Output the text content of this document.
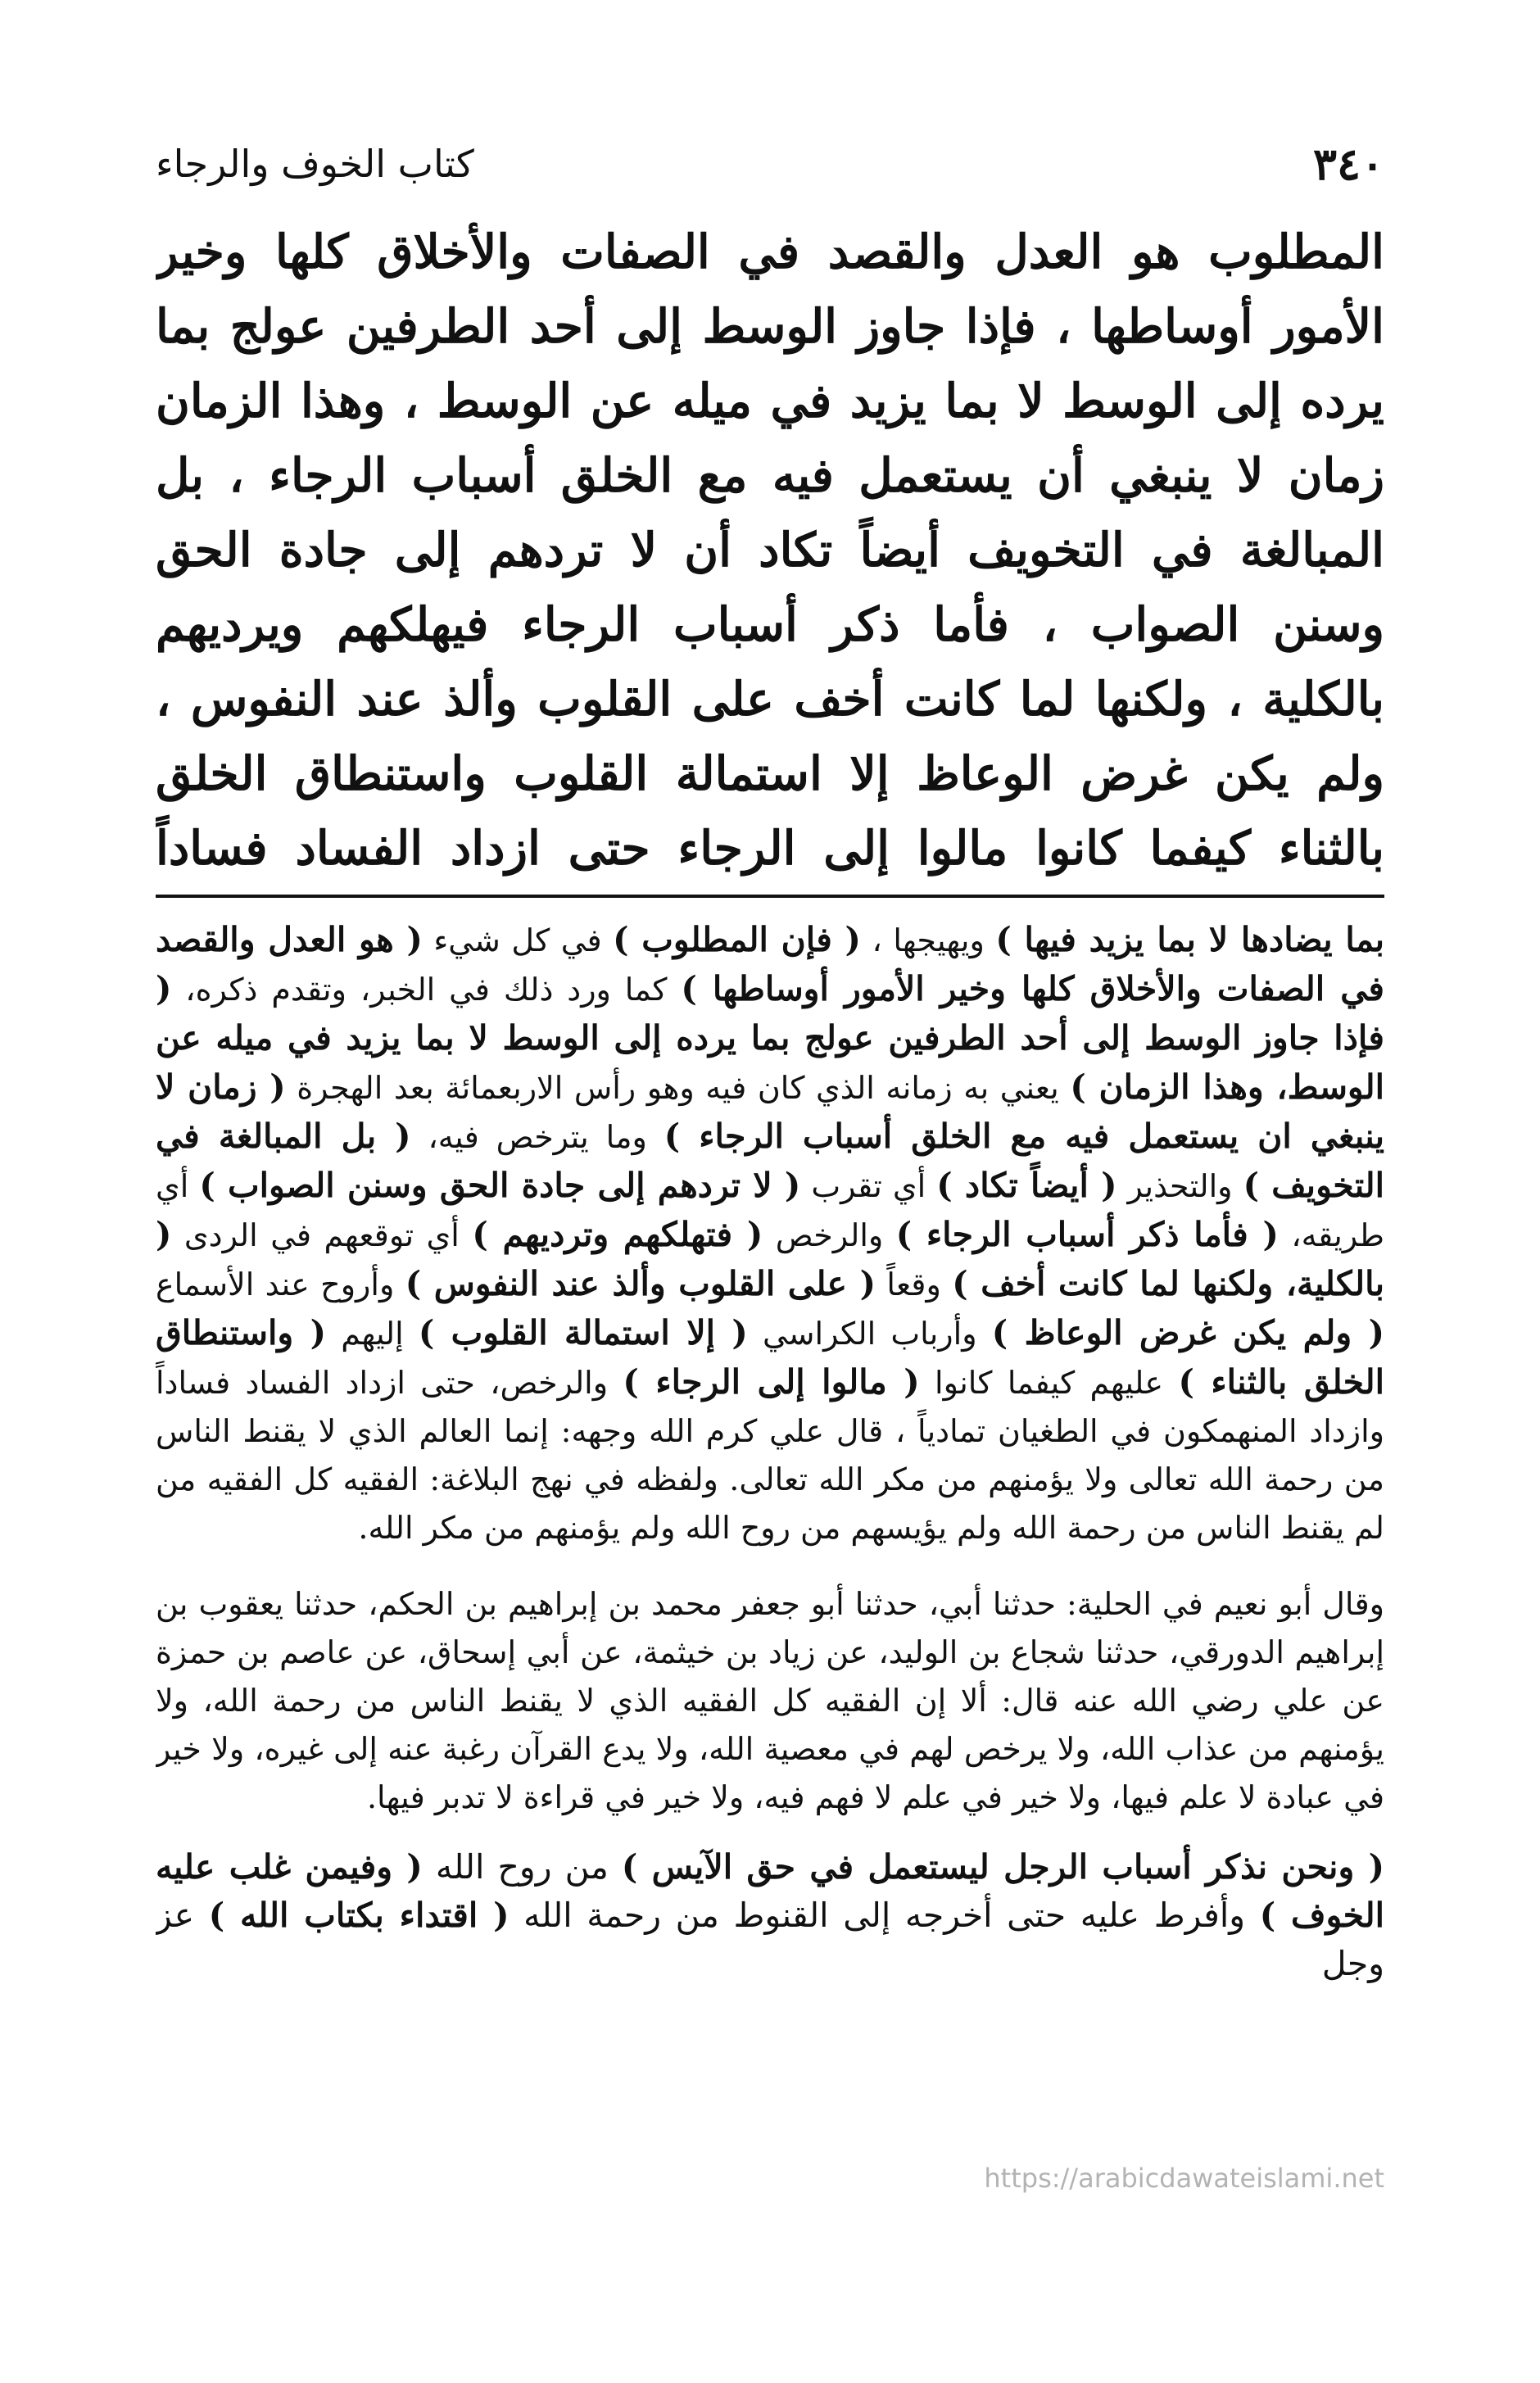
٣٤٠
كتاب الخوف والرجاء

المطلوب هو العدل والقصد في الصفات والأخلاق كلها وخير الأمور أوساطها ، فإذا جاوز الوسط إلى أحد الطرفين عولج بما يرده إلى الوسط لا بما يزيد في ميله عن الوسط ، وهذا الزمان زمان لا ينبغي أن يستعمل فيه مع الخلق أسباب الرجاء ، بل المبالغة في التخويف أيضاً تكاد أن لا تردهم إلى جادة الحق وسنن الصواب ، فأما ذكر أسباب الرجاء فيهلكهم ويرديهم بالكلية ، ولكنها لما كانت أخف على القلوب وألذ عند النفوس ، ولم يكن غرض الوعاظ إلا استمالة القلوب واستنطاق الخلق بالثناء كيفما كانوا مالوا إلى الرجاء حتى ازداد الفساد فساداً

بما يضادها لا بما يزيد فيها ) ويهيجها ، ( فإن المطلوب ) في كل شيء ( هو العدل والقصد في الصفات والأخلاق كلها وخير الأمور أوساطها ) كما ورد ذلك في الخبر، وتقدم ذكره، ( فإذا جاوز الوسط إلى أحد الطرفين عولج بما يرده إلى الوسط لا بما يزيد في ميله عن الوسط، وهذا الزمان ) يعني به زمانه الذي كان فيه وهو رأس الاربعمائة بعد الهجرة ( زمان لا ينبغي ان يستعمل فيه مع الخلق أسباب الرجاء ) وما يترخص فيه، ( بل المبالغة في التخويف ) والتحذير ( أيضاً تكاد ) أي تقرب ( لا تردهم إلى جادة الحق وسنن الصواب ) أي طريقه، ( فأما ذكر أسباب الرجاء ) والرخص ( فتهلكهم وترديهم ) أي توقعهم في الردى ( بالكلية، ولكنها لما كانت أخف ) وقعاً ( على القلوب وألذ عند النفوس ) وأروح عند الأسماع ( ولم يكن غرض الوعاظ ) وأرباب الكراسي ( إلا استمالة القلوب ) إليهم ( واستنطاق الخلق بالثناء ) عليهم كيفما كانوا ( مالوا إلى الرجاء ) والرخص، حتى ازداد الفساد فساداً وازداد المنهمكون في الطغيان تمادياً ، قال علي كرم الله وجهه: إنما العالم الذي لا يقنط الناس من رحمة الله تعالى ولا يؤمنهم من مكر الله تعالى. ولفظه في نهج البلاغة: الفقيه كل الفقيه من لم يقنط الناس من رحمة الله ولم يؤيسهم من روح الله ولم يؤمنهم من مكر الله.

وقال أبو نعيم في الحلية: حدثنا أبي، حدثنا أبو جعفر محمد بن إبراهيم بن الحكم، حدثنا يعقوب بن إبراهيم الدورقي، حدثنا شجاع بن الوليد، عن زياد بن خيثمة، عن أبي إسحاق، عن عاصم بن حمزة عن علي رضي الله عنه قال: ألا إن الفقيه كل الفقيه الذي لا يقنط الناس من رحمة الله، ولا يؤمنهم من عذاب الله، ولا يرخص لهم في معصية الله، ولا يدع القرآن رغبة عنه إلى غيره، ولا خير في عبادة لا علم فيها، ولا خير في علم لا فهم فيه، ولا خير في قراءة لا تدبر فيها.

( ونحن نذكر أسباب الرجل ليستعمل في حق الآيس ) من روح الله ( وفيمن غلب عليه الخوف ) وأفرط عليه حتى أخرجه إلى القنوط من رحمة الله ( اقتداء بكتاب الله ) عز وجل

https://arabicdawateislami.net
